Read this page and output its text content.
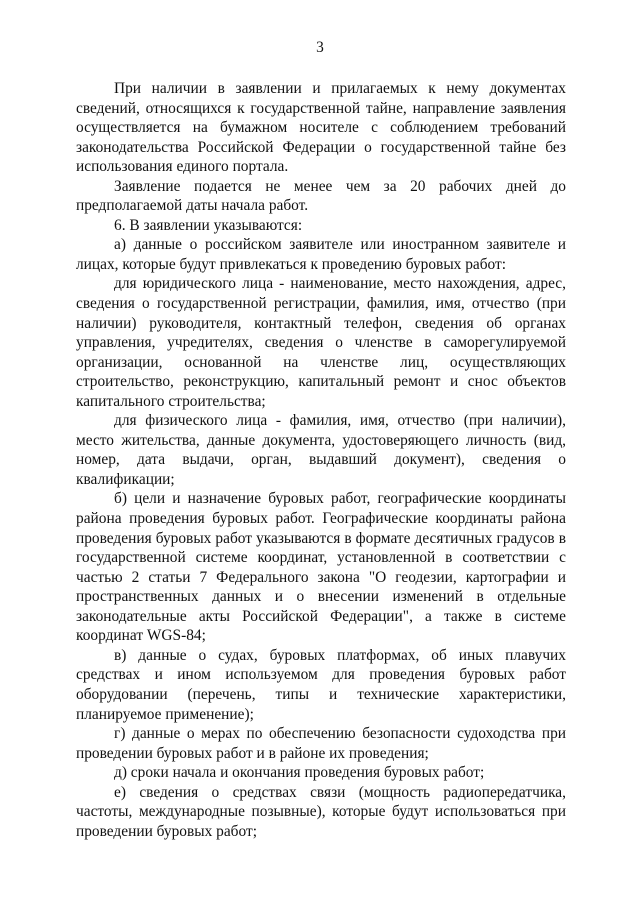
3

При наличии в заявлении и прилагаемых к нему документах сведений, относящихся к государственной тайне, направление заявления осуществляется на бумажном носителе с соблюдением требований законодательства Российской Федерации о государственной тайне без использования единого портала.

Заявление подается не менее чем за 20 рабочих дней до предполагаемой даты начала работ.

6. В заявлении указываются:

а) данные о российском заявителе или иностранном заявителе и лицах, которые будут привлекаться к проведению буровых работ:

для юридического лица - наименование, место нахождения, адрес, сведения о государственной регистрации, фамилия, имя, отчество (при наличии) руководителя, контактный телефон, сведения об органах управления, учредителях, сведения о членстве в саморегулируемой организации, основанной на членстве лиц, осуществляющих строительство, реконструкцию, капитальный ремонт и снос объектов капитального строительства;

для физического лица - фамилия, имя, отчество (при наличии), место жительства, данные документа, удостоверяющего личность (вид, номер, дата выдачи, орган, выдавший документ), сведения о квалификации;

б) цели и назначение буровых работ, географические координаты района проведения буровых работ. Географические координаты района проведения буровых работ указываются в формате десятичных градусов в государственной системе координат, установленной в соответствии с частью 2 статьи 7 Федерального закона "О геодезии, картографии и пространственных данных и о внесении изменений в отдельные законодательные акты Российской Федерации", а также в системе координат WGS-84;

в) данные о судах, буровых платформах, об иных плавучих средствах и ином используемом для проведения буровых работ оборудовании (перечень, типы и технические характеристики, планируемое применение);

г) данные о мерах по обеспечению безопасности судоходства при проведении буровых работ и в районе их проведения;

д) сроки начала и окончания проведения буровых работ;

е) сведения о средствах связи (мощность радиопередатчика, частоты, международные позывные), которые будут использоваться при проведении буровых работ;
